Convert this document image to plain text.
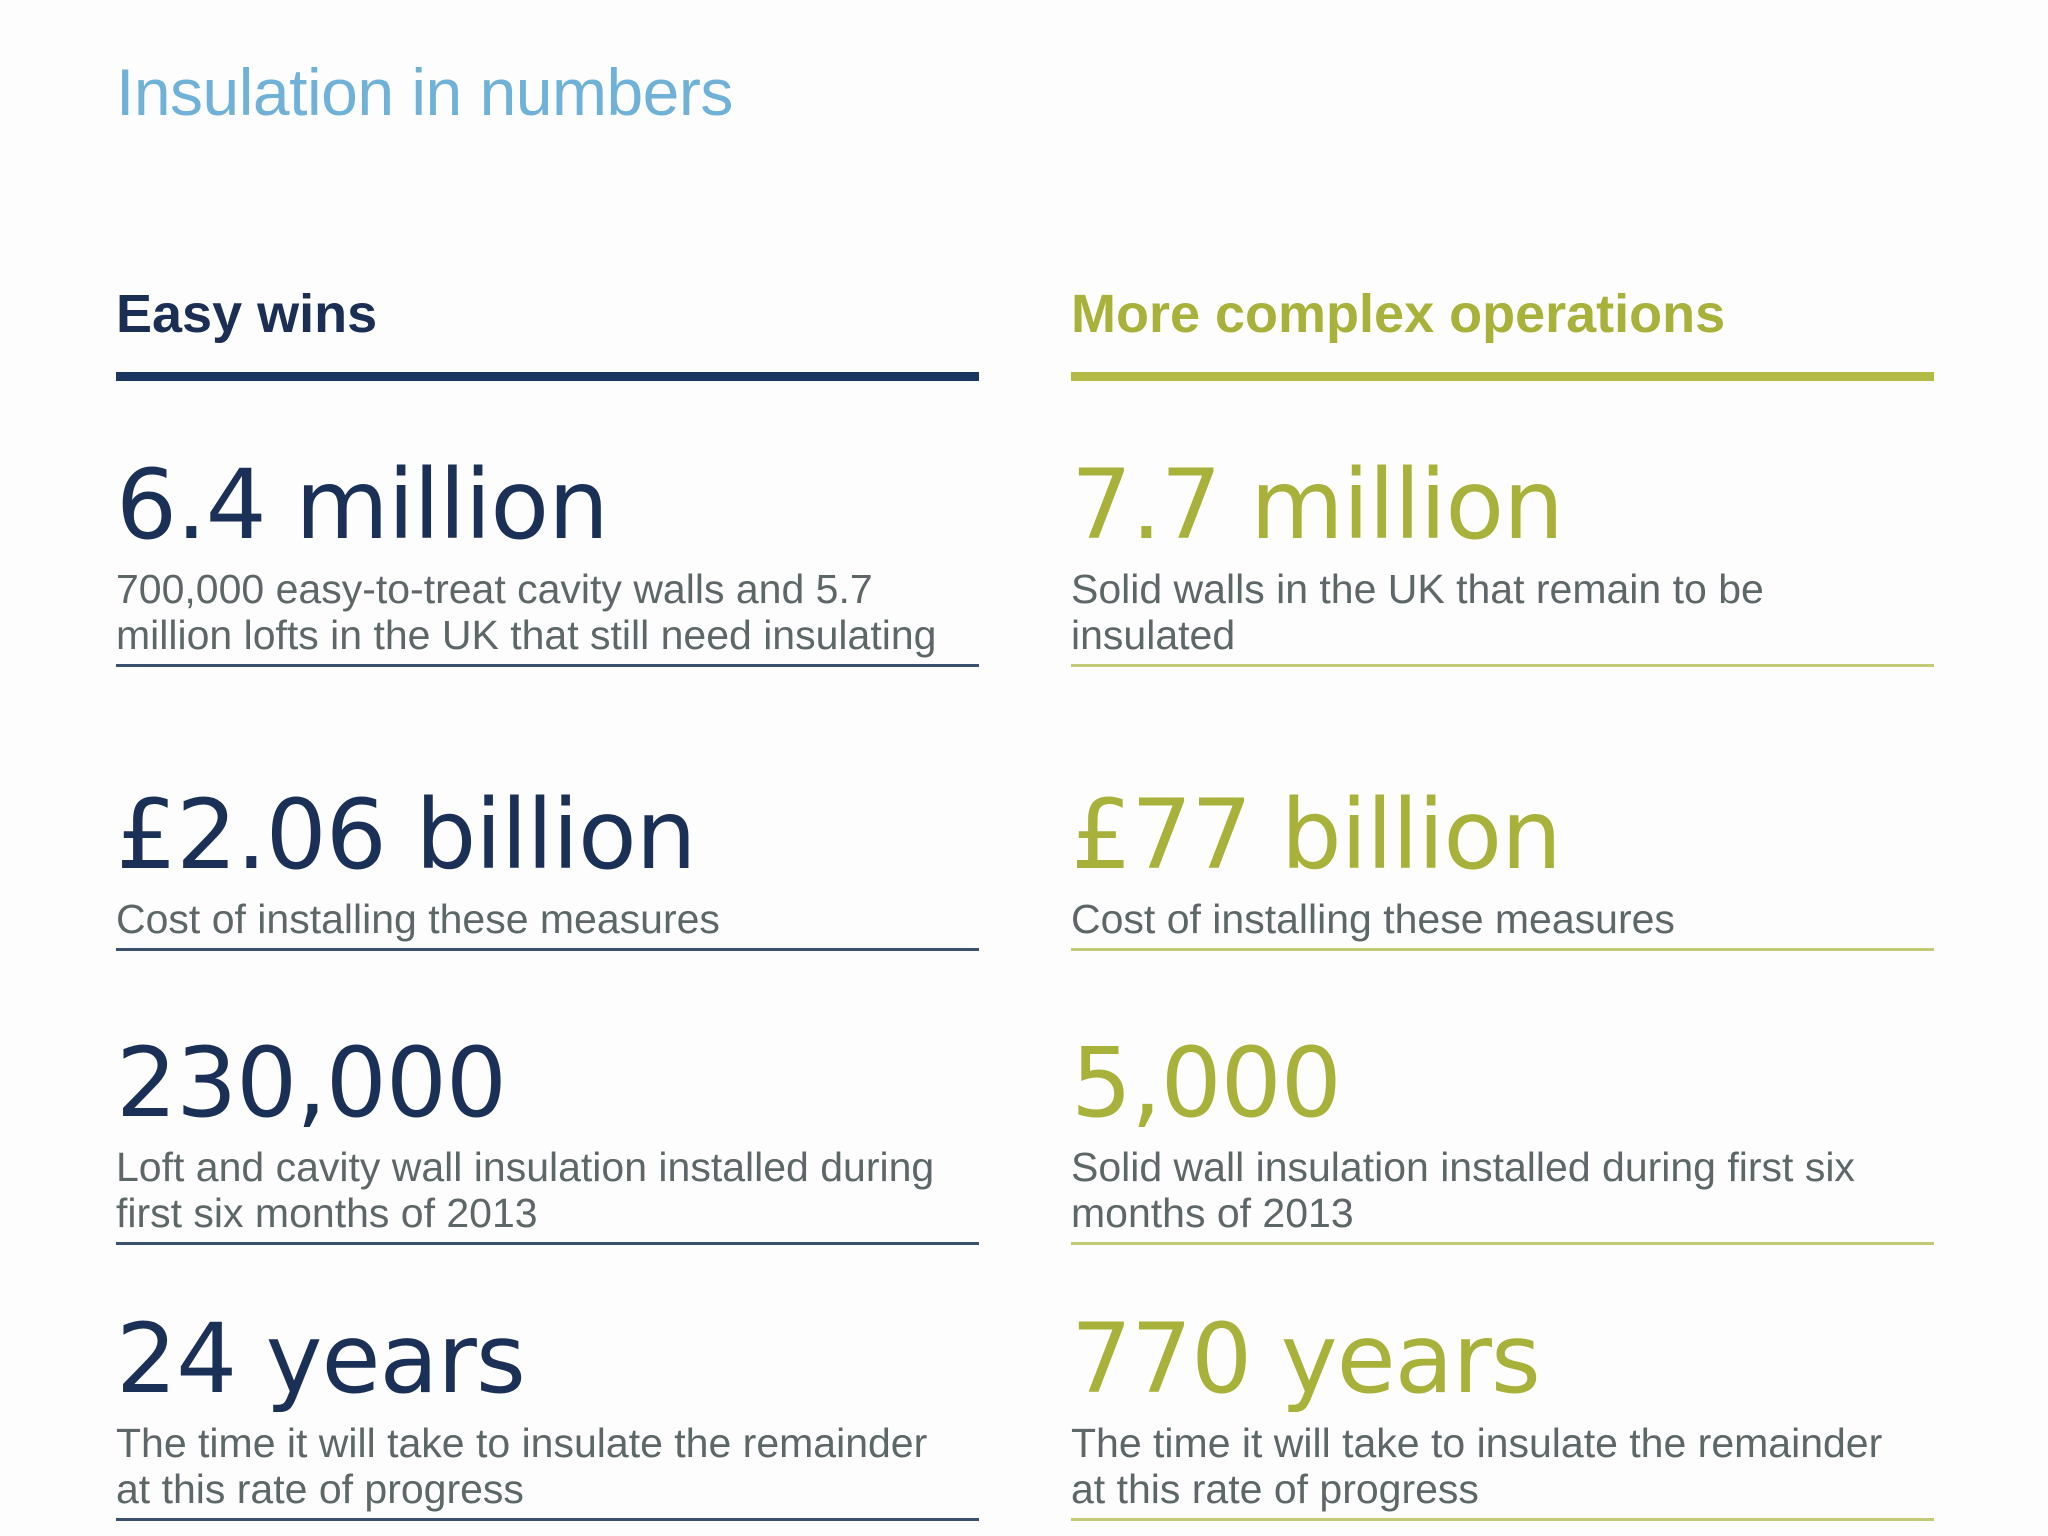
Insulation in numbers
Easy wins
6.4 million
700,000 easy-to-treat cavity walls and 5.7 million lofts in the UK that still need insulating
£2.06 billion
Cost of installing these measures
230,000
Loft and cavity wall insulation installed during first six months of 2013
24 years
The time it will take to insulate the remainder at this rate of progress
More complex operations
7.7 million
Solid walls in the UK that remain to be insulated
£77 billion
Cost of installing these measures
5,000
Solid wall insulation installed during first six months of 2013
770 years
The time it will take to insulate the remainder at this rate of progress
